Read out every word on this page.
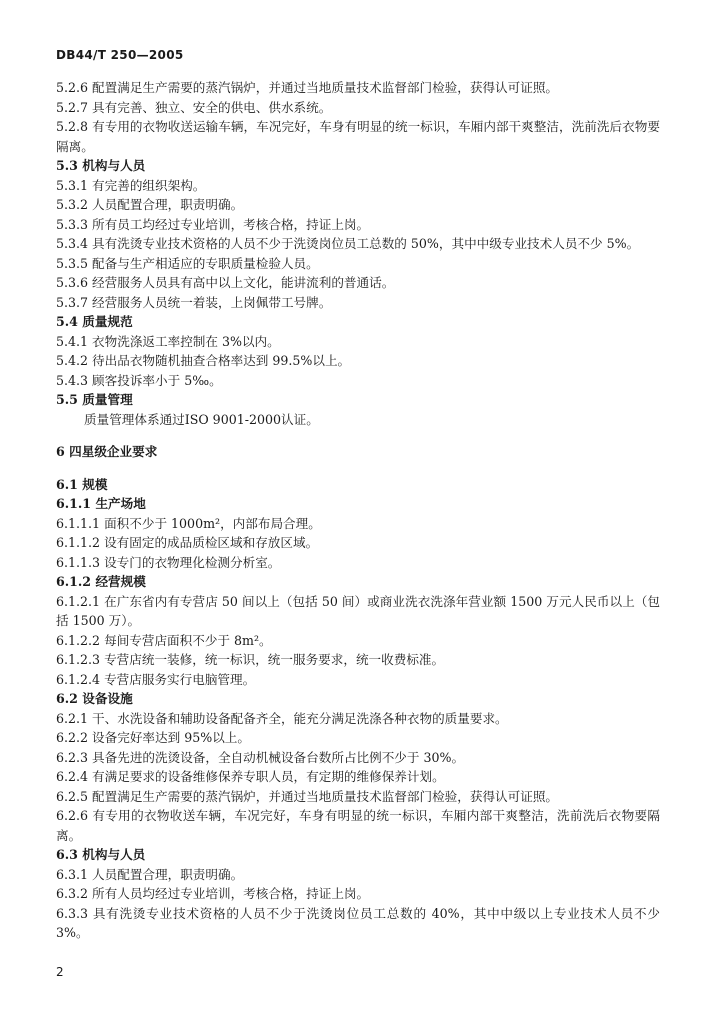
DB44/T 250—2005
5.2.6 配置满足生产需要的蒸汽锅炉，并通过当地质量技术监督部门检验，获得认可证照。
5.2.7 具有完善、独立、安全的供电、供水系统。
5.2.8 有专用的衣物收送运输车辆，车况完好，车身有明显的统一标识，车厢内部干爽整洁，洗前洗后衣物要隔离。
5.3 机构与人员
5.3.1 有完善的组织架构。
5.3.2 人员配置合理，职责明确。
5.3.3 所有员工均经过专业培训，考核合格，持证上岗。
5.3.4 具有洗烫专业技术资格的人员不少于洗烫岗位员工总数的 50%，其中中级专业技术人员不少 5%。
5.3.5 配备与生产相适应的专职质量检验人员。
5.3.6 经营服务人员具有高中以上文化，能讲流利的普通话。
5.3.7 经营服务人员统一着装，上岗佩带工号牌。
5.4 质量规范
5.4.1 衣物洗涤返工率控制在 3%以内。
5.4.2 待出品衣物随机抽查合格率达到 99.5%以上。
5.4.3 顾客投诉率小于 5‰。
5.5 质量管理
质量管理体系通过ISO 9001-2000认证。
6 四星级企业要求
6.1 规模
6.1.1 生产场地
6.1.1.1 面积不少于 1000m²，内部布局合理。
6.1.1.2 设有固定的成品质检区域和存放区域。
6.1.1.3 设专门的衣物理化检测分析室。
6.1.2 经营规模
6.1.2.1 在广东省内有专营店 50 间以上（包括 50 间）或商业洗衣洗涤年营业额 1500 万元人民币以上（包括 1500 万）。
6.1.2.2 每间专营店面积不少于 8m²。
6.1.2.3 专营店统一装修，统一标识，统一服务要求，统一收费标准。
6.1.2.4 专营店服务实行电脑管理。
6.2 设备设施
6.2.1 干、水洗设备和辅助设备配备齐全，能充分满足洗涤各种衣物的质量要求。
6.2.2 设备完好率达到 95%以上。
6.2.3 具备先进的洗烫设备，全自动机械设备台数所占比例不少于 30%。
6.2.4 有满足要求的设备维修保养专职人员，有定期的维修保养计划。
6.2.5 配置满足生产需要的蒸汽锅炉，并通过当地质量技术监督部门检验，获得认可证照。
6.2.6 有专用的衣物收送车辆，车况完好，车身有明显的统一标识，车厢内部干爽整洁，洗前洗后衣物要隔离。
6.3 机构与人员
6.3.1 人员配置合理，职责明确。
6.3.2 所有人员均经过专业培训，考核合格，持证上岗。
6.3.3 具有洗烫专业技术资格的人员不少于洗烫岗位员工总数的 40%，其中中级以上专业技术人员不少 3%。
2
